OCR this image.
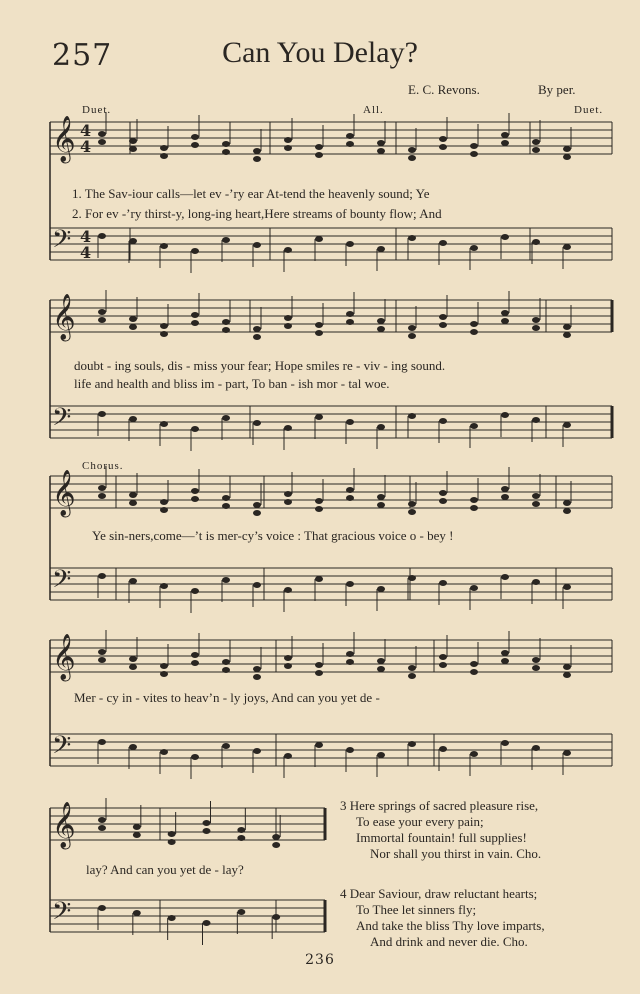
257	Can You Delay?
E. C. Revons.	By per.
𝄞
𝄢
𝄞
𝄢
𝄞
𝄢
𝄞
𝄢
𝄞
𝄢
4
4
4
4
Duet.	All.	Duet.
Chorus.
1. The Sav-iour calls—let ev -’ry ear At-tend the heavenly sound; Ye
2. For ev -’ry thirst-y, long-ing heart,Here streams of bounty flow; And
doubt - ing souls, dis - miss your fear; Hope smiles re - viv - ing sound.
life and health and bliss im - part, To ban - ish mor - tal woe.
Ye sin-ners,come—’t is mer-cy’s voice : That gracious voice o - bey !
Mer - cy in - vites to heav’n - ly joys, And can you yet de -
lay? And can you yet de - lay?
3 Here springs of sacred pleasure rise,
To ease your every pain;
Immortal fountain! full supplies!
Nor shall you thirst in vain. Cho.
4 Dear Saviour, draw reluctant hearts;
To Thee let sinners fly;
And take the bliss Thy love imparts,
And drink and never die. Cho.
236
